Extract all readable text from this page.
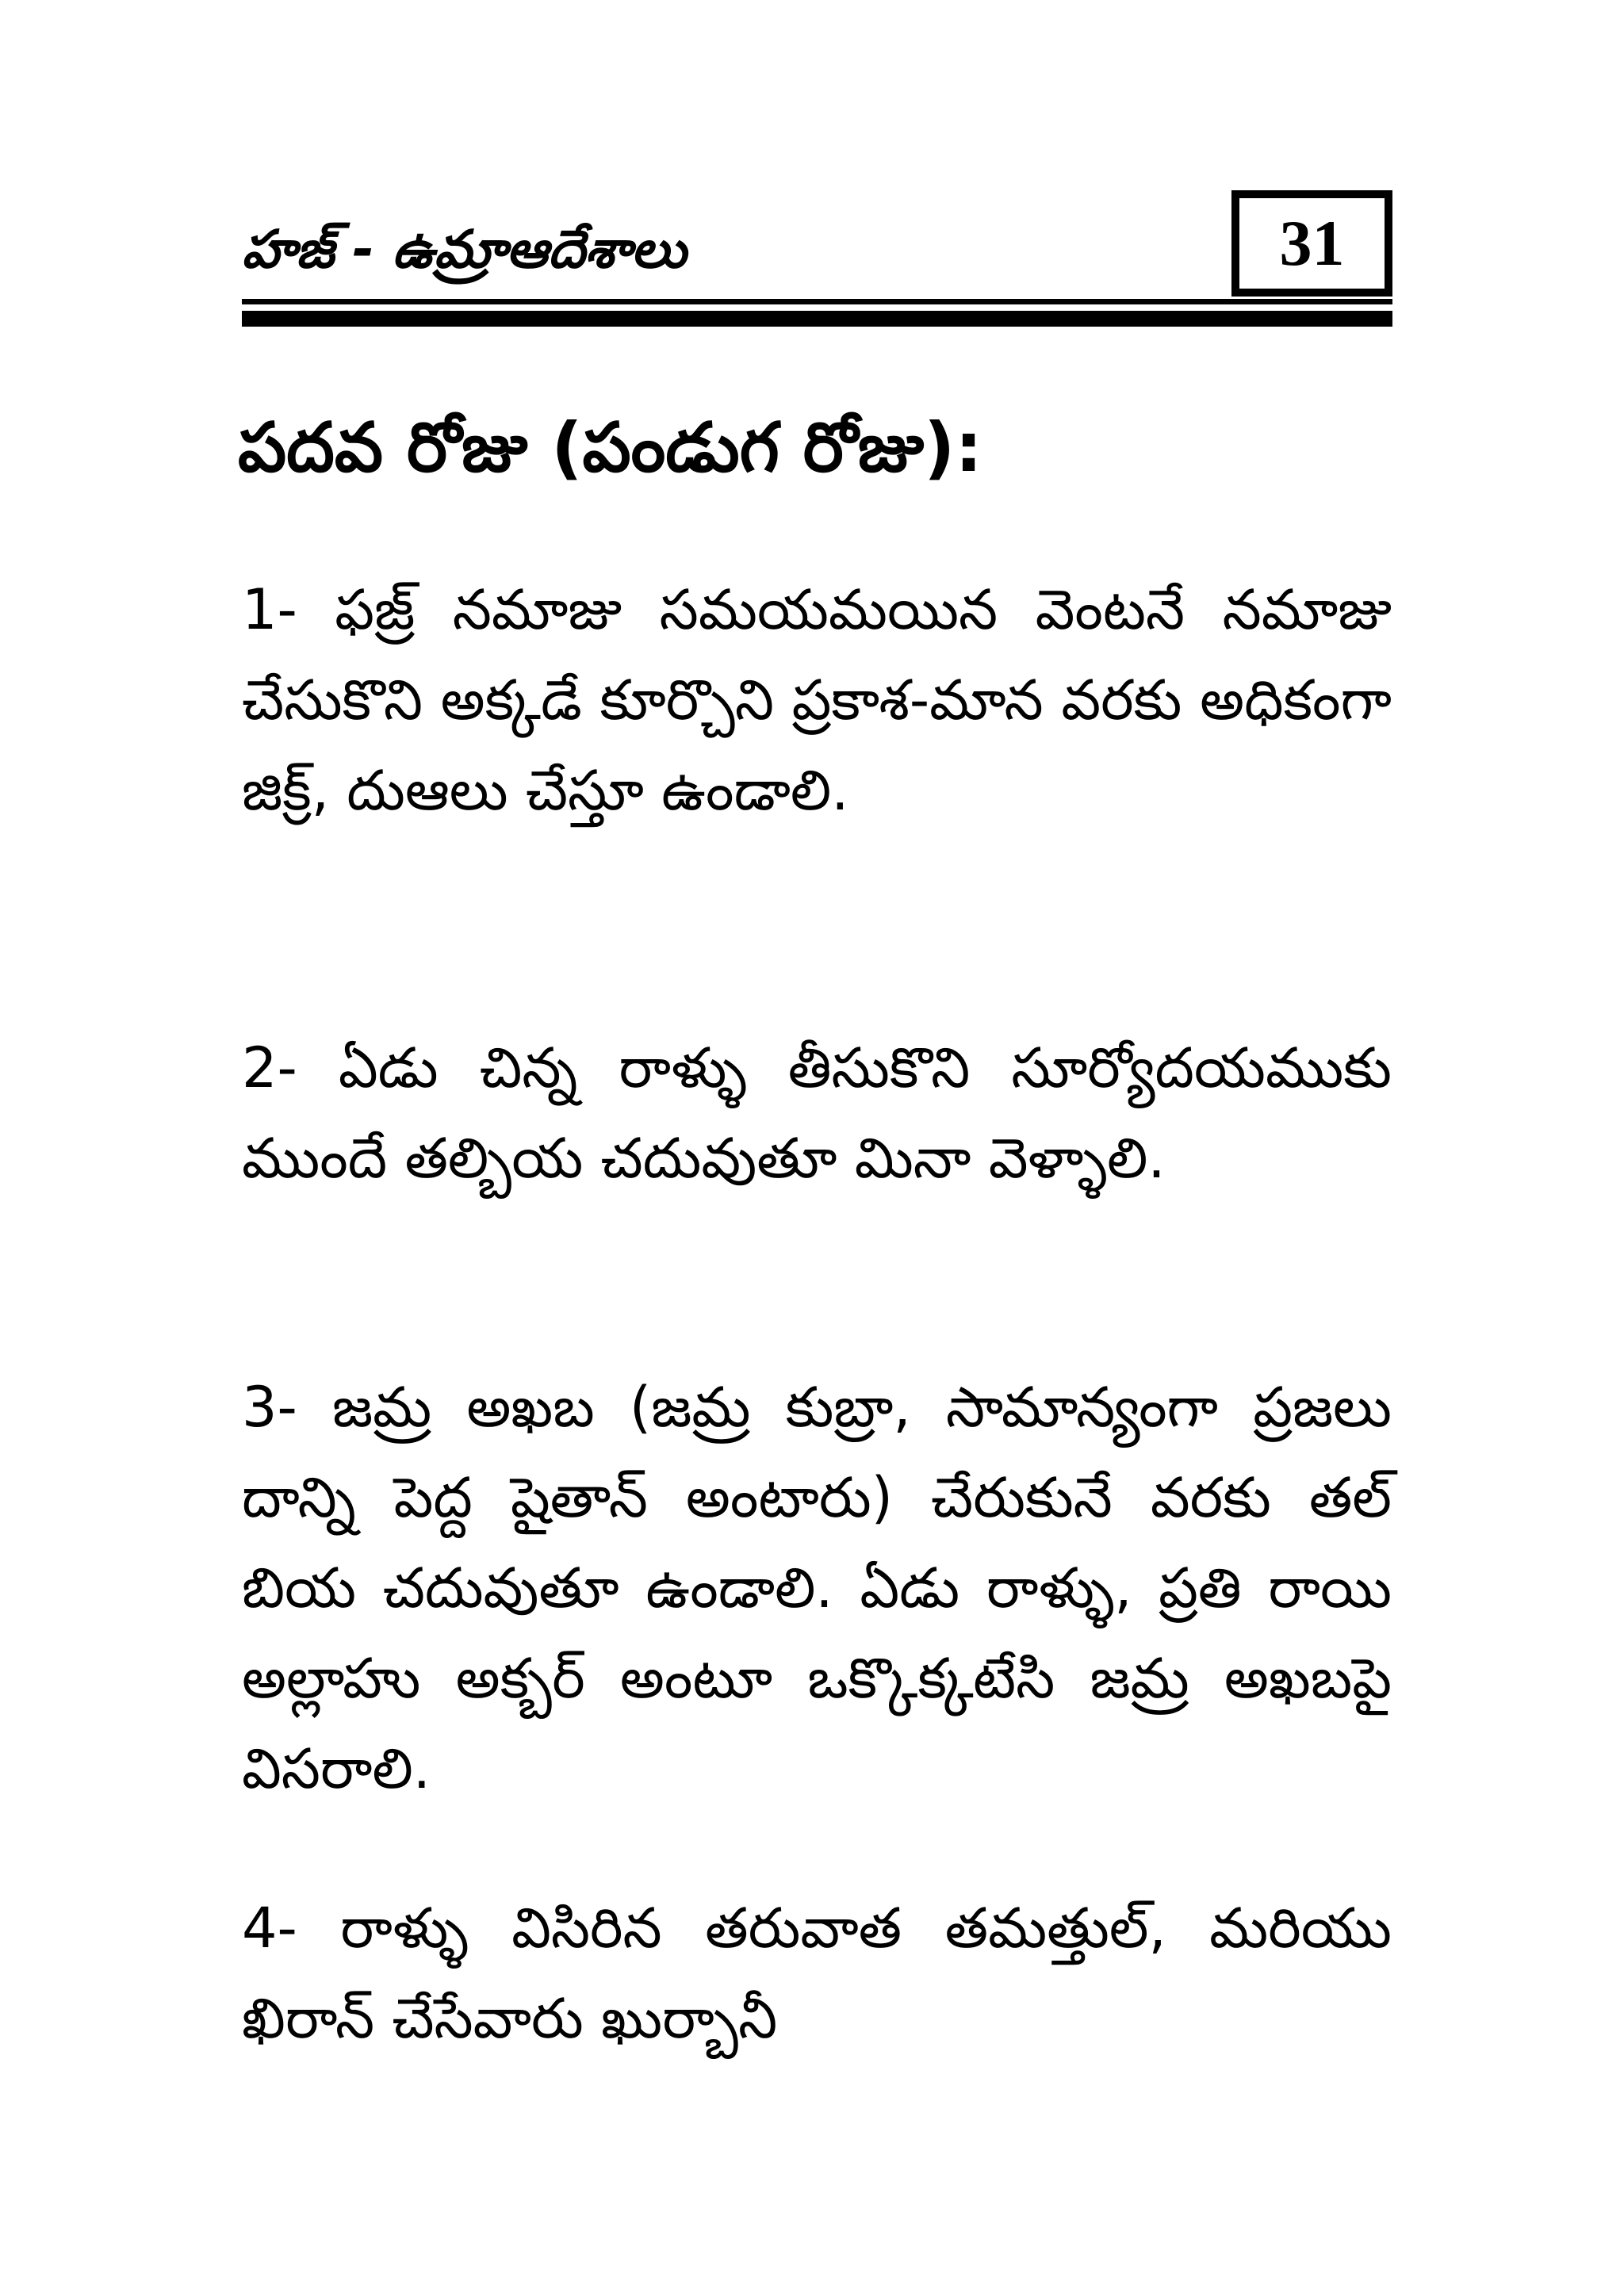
హజ్ - ఉమ్రాఆదేశాలు	31
పదవ రోజు (పండుగ రోజు):
1- ఫజ్ర్ నమాజు సమయమయిన వెంటనే నమాజు చేసుకొని అక్కడే కూర్చొని ప్రకాశ-మాన వరకు అధికంగా జిక్ర్, దుఆలు చేస్తూ ఉండాలి.
2- ఏడు చిన్న రాళ్ళు తీసుకొని సూర్యోదయముకు ముందే తల్బియ చదువుతూ మినా వెళ్ళాలి.
3- జమ్ర అఖబ (జమ్ర కుబ్రా, సామాన్యంగా ప్రజలు దాన్ని పెద్ద షైతాన్ అంటారు) చేరుకునే వరకు తల్ బియ చదువుతూ ఉండాలి. ఏడు రాళ్ళు, ప్రతి రాయి అల్లాహు అక్బర్ అంటూ ఒక్కొక్కటేసి జమ్ర అఖబపై విసరాలి.
4- రాళ్ళు విసిరిన తరువాత తమత్తుల్, మరియు ఖిరాన్ చేసేవారు ఖుర్బానీ
